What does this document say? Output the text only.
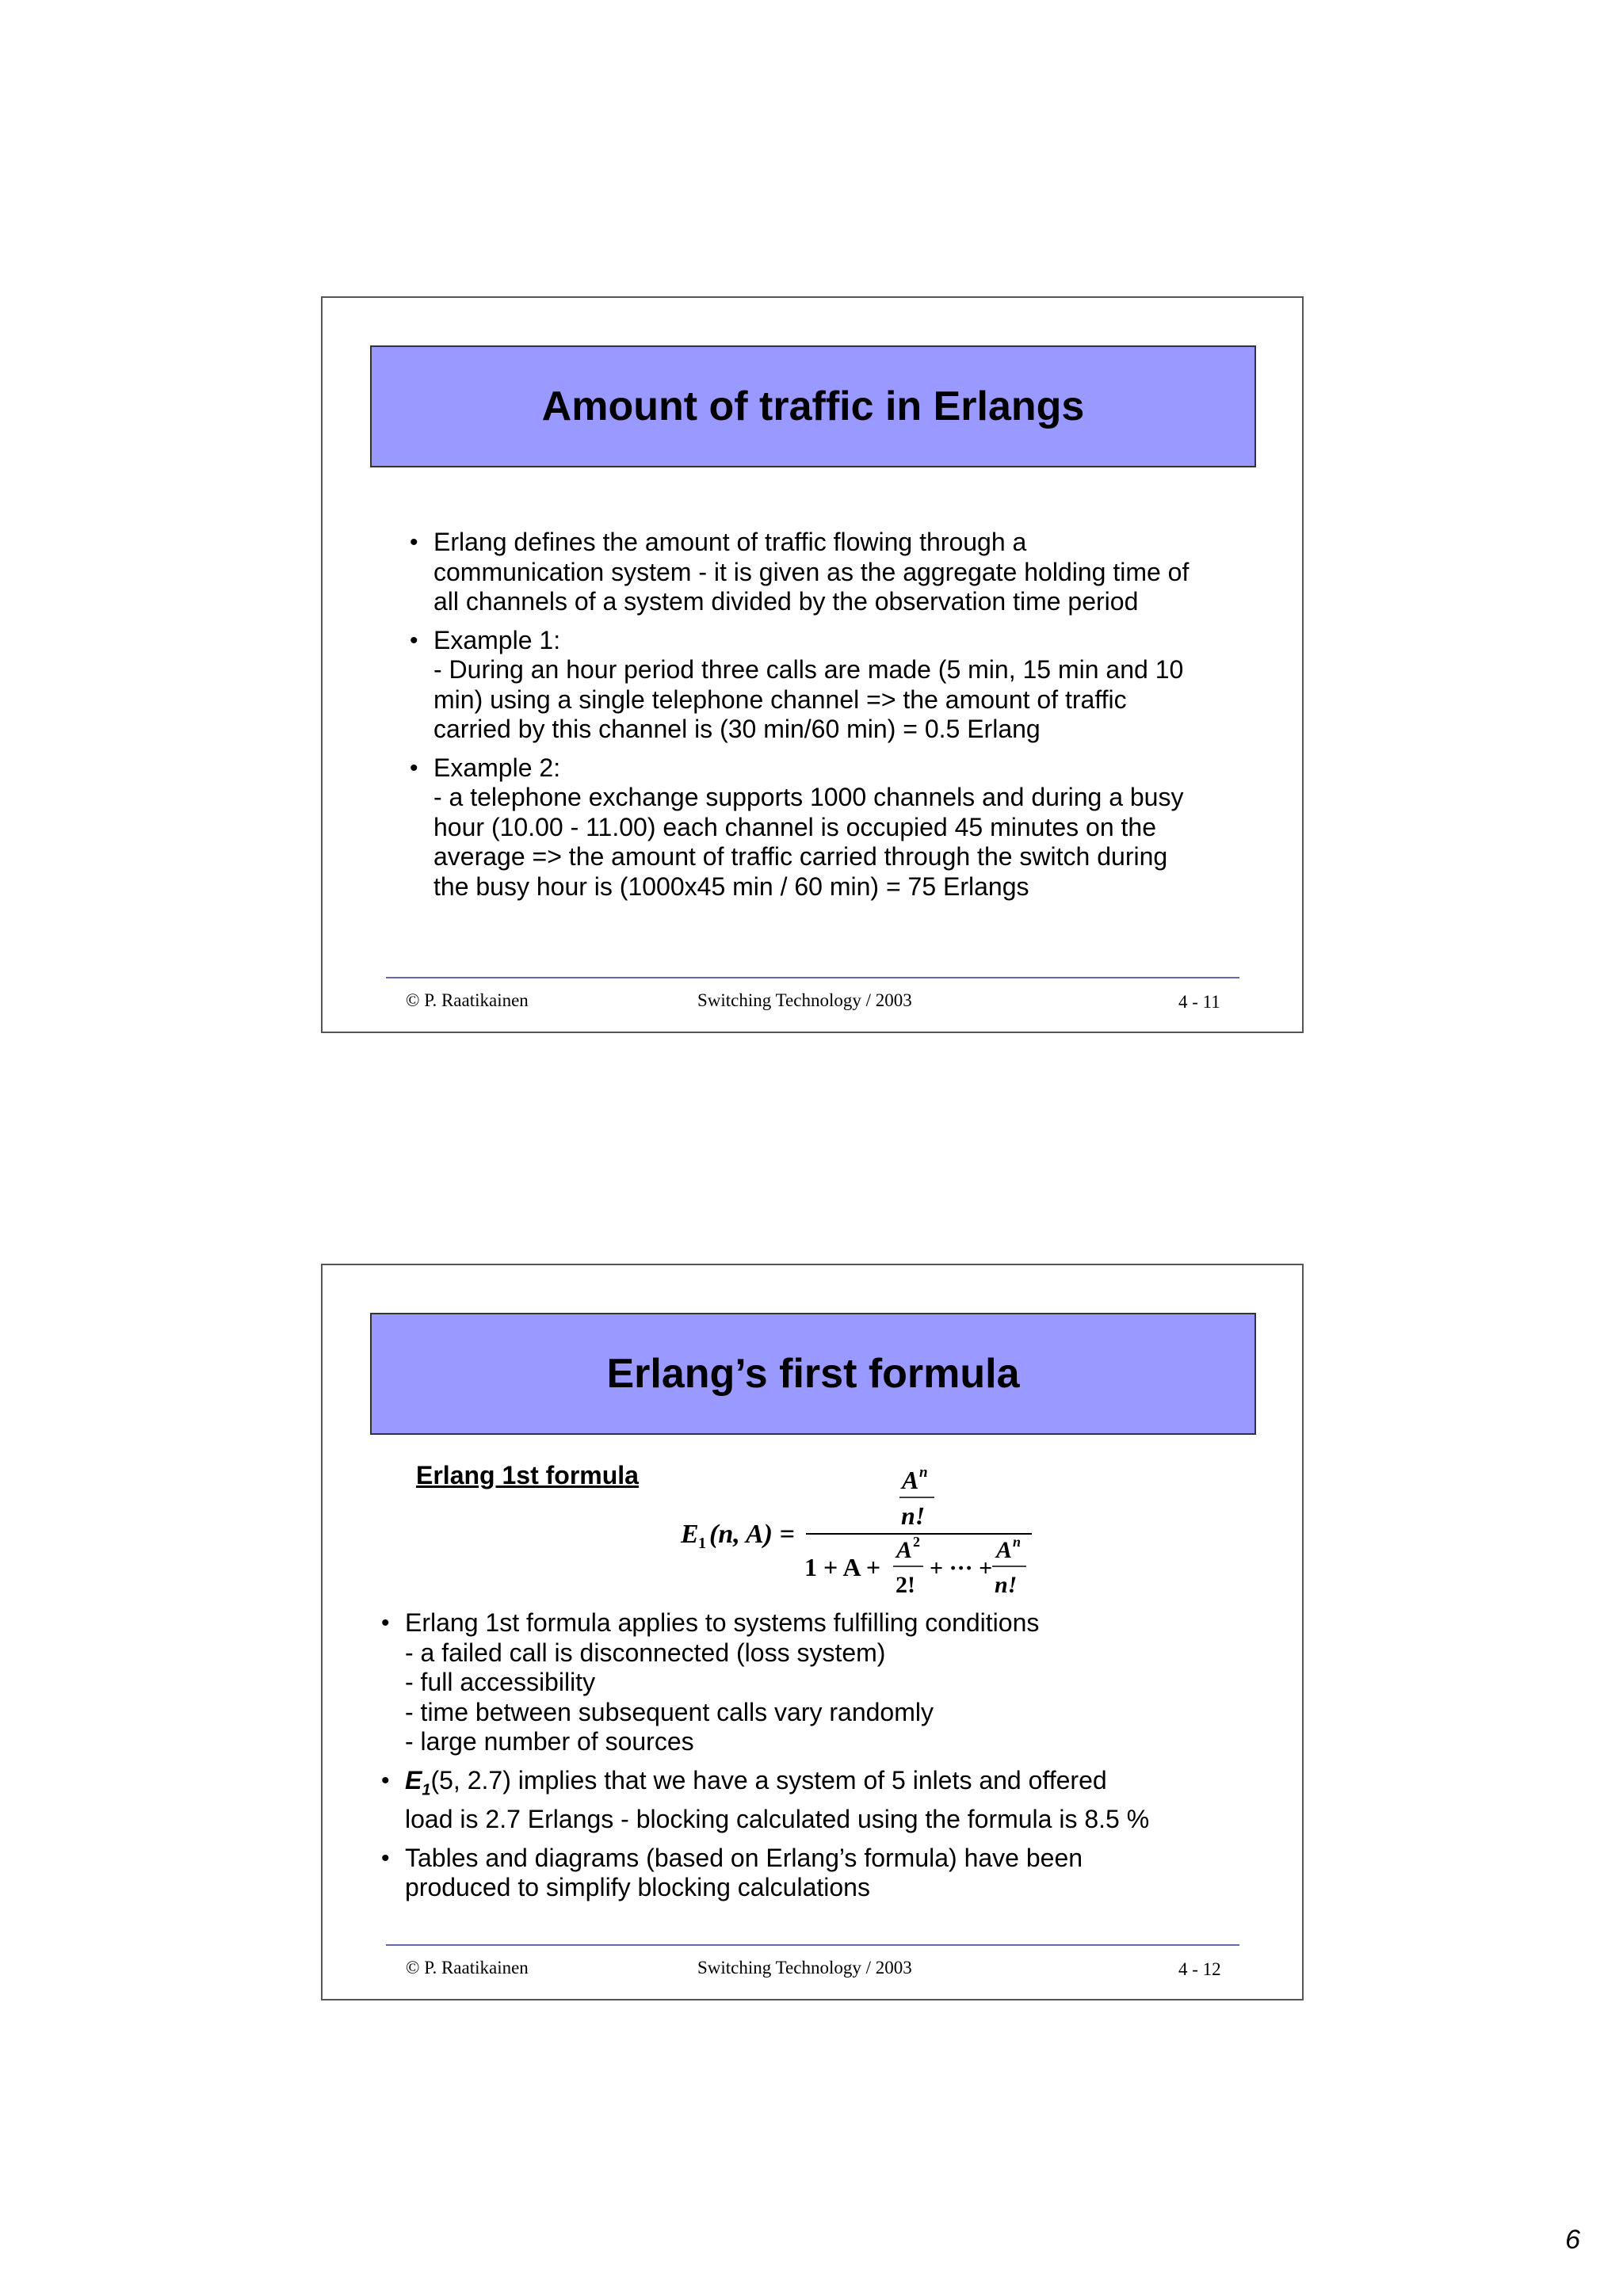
Amount of traffic in Erlangs
• Erlang defines the amount of traffic flowing through a
communication system - it is given as the aggregate holding time of
all channels of a system divided by the observation time period
• Example 1:
- During an hour period three calls are made (5 min, 15 min and 10
min) using a single telephone channel => the amount of traffic
carried by this channel is (30 min/60 min) = 0.5 Erlang
• Example 2:
- a telephone exchange supports 1000 channels and during a busy
hour (10.00 - 11.00) each channel is occupied 45 minutes on the
average => the amount of traffic carried through the switch during
the busy hour is (1000x45 min / 60 min) = 75 Erlangs
© P. Raatikainen	Switching Technology / 2003	4 - 11
Erlang’s first formula
Erlang 1st formula
E 1 (n, A) =
A n
n!
1 + A +
A 2
2!
+ ··· +
A n
n!
• Erlang 1st formula applies to systems fulfilling conditions
- a failed call is disconnected (loss system)
- full accessibility
- time between subsequent calls vary randomly
- large number of sources
• $E_1(5$, 2.7) implies that we have a system of 5 inlets and offered
load is 2.7 Erlangs - blocking calculated using the formula is 8.5 %
• Tables and diagrams (based on Erlang’s formula) have been
produced to simplify blocking calculations
© P. Raatikainen	Switching Technology / 2003	4 - 12
6
